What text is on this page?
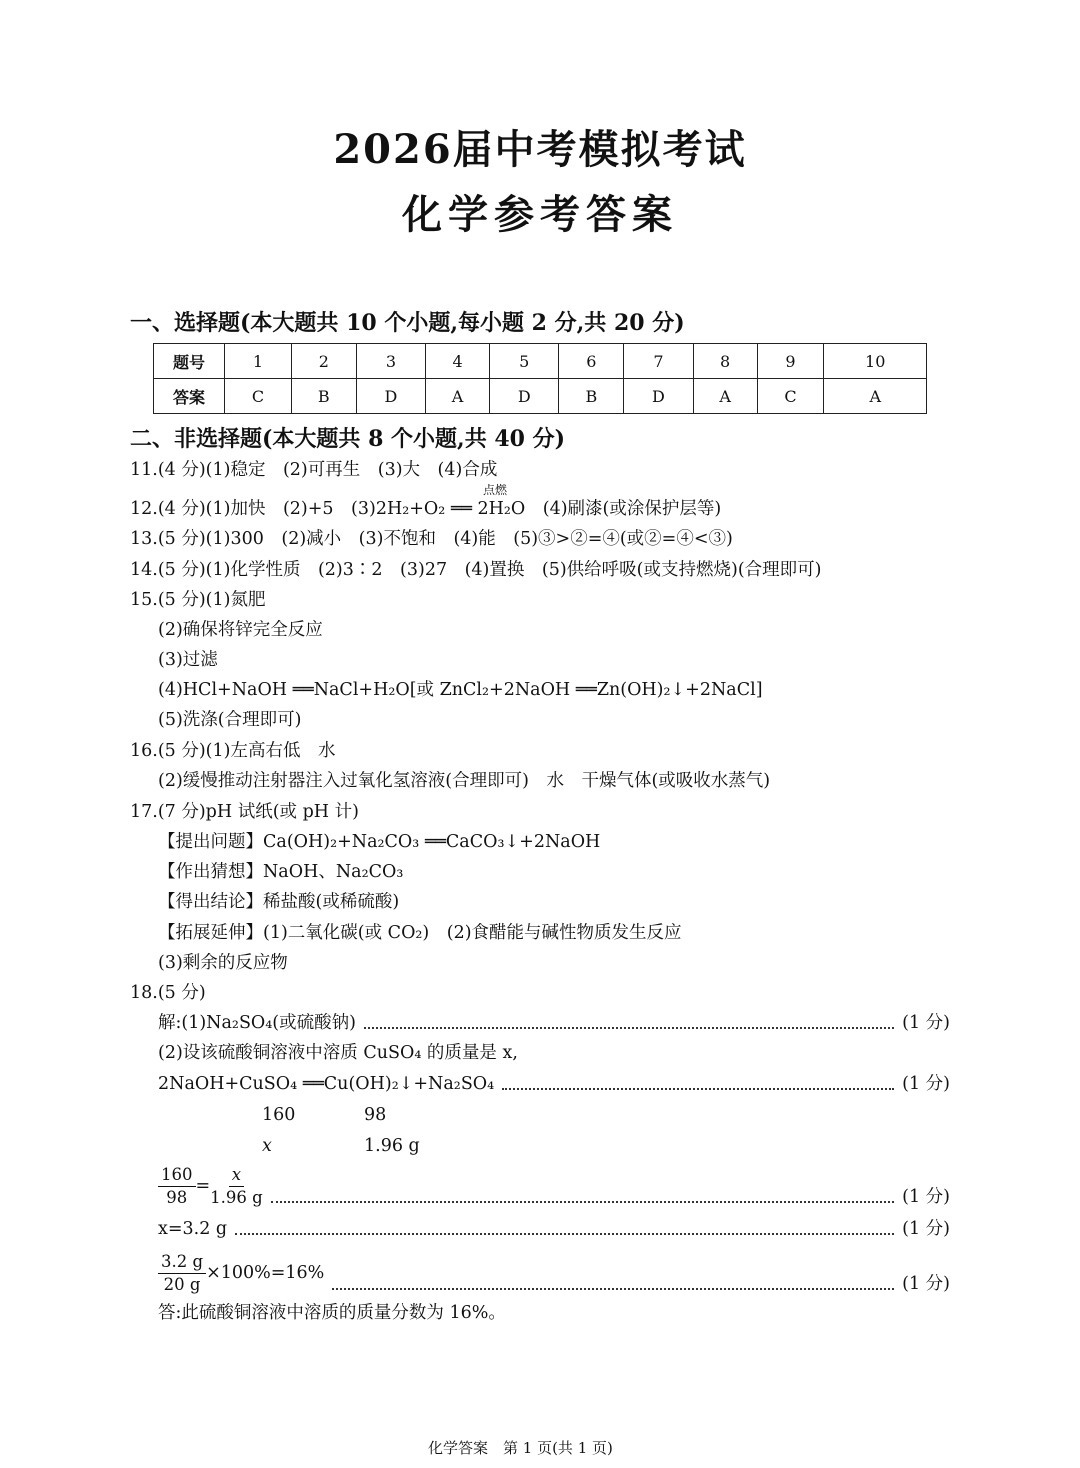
2026届中考模拟考试
化学参考答案
一、选择题(本大题共 10 个小题,每小题 2 分,共 20 分)
题号	1	2	3	4	5	6	7	8	9	10
答案	C	B	D	A	D	B	D	A	C	A
二、非选择题(本大题共 8 个小题,共 40 分)
11.(4 分)(1)稳定　(2)可再生　(3)大　(4)合成
12.(4 分)(1)加快　(2)+5　(3)2H₂+O₂ ══ 2H₂O　(4)刷漆(或涂保护层等)
13.(5 分)(1)300　(2)减小　(3)不饱和　(4)能　(5)③>②=④(或②=④<③)
14.(5 分)(1)化学性质　(2)3∶2　(3)27　(4)置换　(5)供给呼吸(或支持燃烧)(合理即可)
15.(5 分)(1)氮肥
(2)确保将锌完全反应
(3)过滤
(4)HCl+NaOH ══NaCl+H₂O[或 ZnCl₂+2NaOH ══Zn(OH)₂↓+2NaCl]
(5)洗涤(合理即可)
16.(5 分)(1)左高右低　水
(2)缓慢推动注射器注入过氧化氢溶液(合理即可)　水　干燥气体(或吸收水蒸气)
17.(7 分)pH 试纸(或 pH 计)
【提出问题】Ca(OH)₂+Na₂CO₃ ══CaCO₃↓+2NaOH
【作出猜想】NaOH、Na₂CO₃
【得出结论】稀盐酸(或稀硫酸)
【拓展延伸】(1)二氧化碳(或 CO₂)　(2)食醋能与碱性物质发生反应
(3)剩余的反应物
18.(5 分)
点燃
解:(1)Na₂SO₄(或硫酸钠)	(1 分)
(2)设该硫酸铜溶液中溶质 CuSO₄ 的质量是 x,
2NaOH+CuSO₄ ══Cu(OH)₂↓+Na₂SO₄	(1 分)
160	98
x	1.96 g
$\frac{160}{98} = \frac{x}{1.96 g}$	(1 分)
x=3.2 g	(1 分)
$\frac{3.2 g}{20 g} \times 100\%=16\%$
(1 分)
答:此硫酸铜溶液中溶质的质量分数为 16%。
化学答案　第 1 页(共 1 页)
